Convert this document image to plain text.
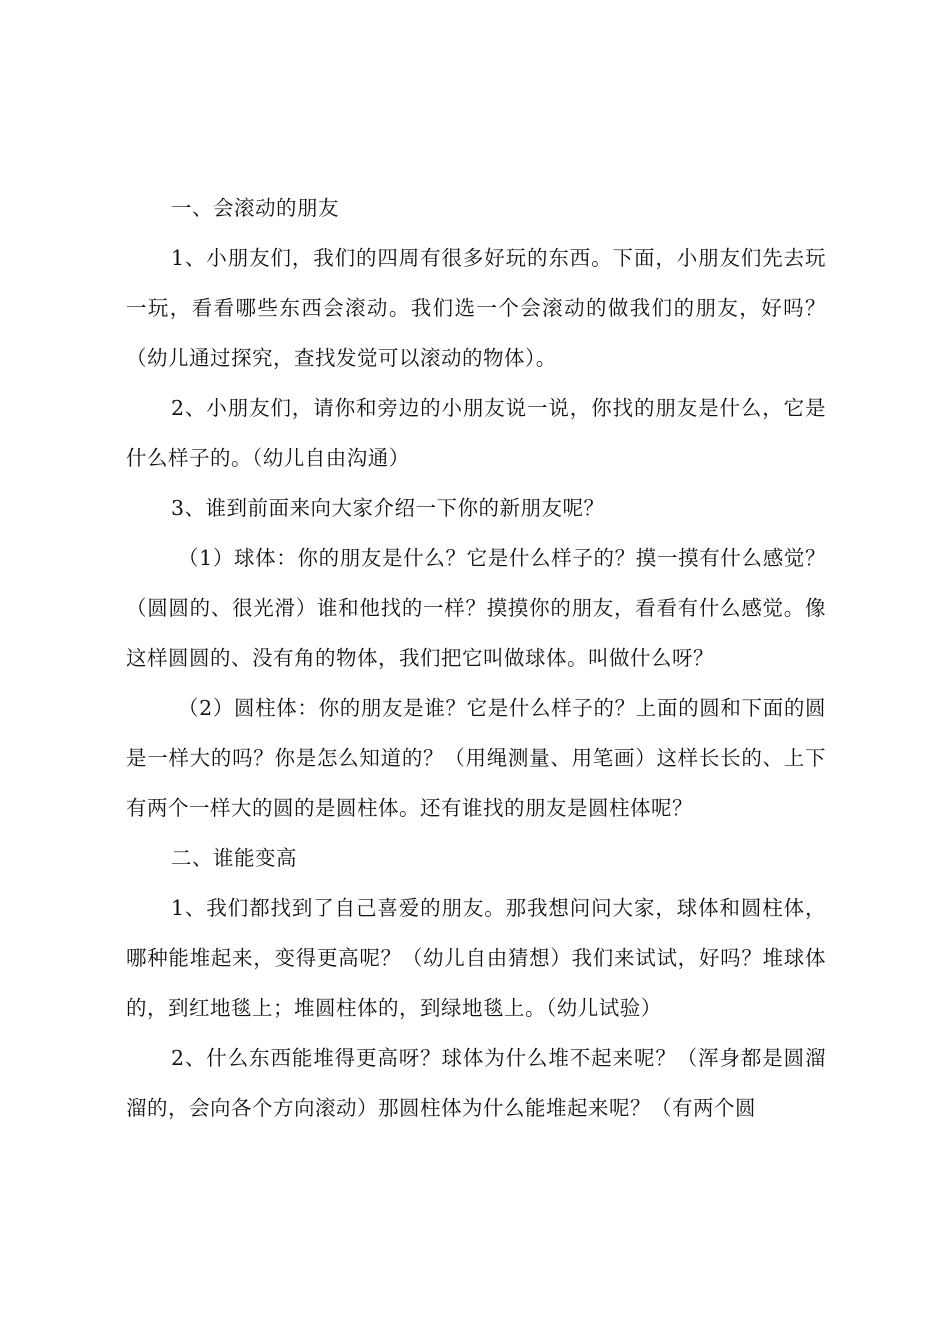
一、会滚动的朋友

1、小朋友们，我们的四周有很多好玩的东西。下面，小朋友们先去玩一玩，看看哪些东西会滚动。我们选一个会滚动的做我们的朋友，好吗？（幼儿通过探究，查找发觉可以滚动的物体）。

2、小朋友们，请你和旁边的小朋友说一说，你找的朋友是什么，它是什么样子的。（幼儿自由沟通）

3、谁到前面来向大家介绍一下你的新朋友呢？

（1）球体：你的朋友是什么？它是什么样子的？摸一摸有什么感觉？（圆圆的、很光滑）谁和他找的一样？摸摸你的朋友，看看有什么感觉。像这样圆圆的、没有角的物体，我们把它叫做球体。叫做什么呀？

（2）圆柱体：你的朋友是谁？它是什么样子的？上面的圆和下面的圆是一样大的吗？你是怎么知道的？（用绳测量、用笔画）这样长长的、上下有两个一样大的圆的是圆柱体。还有谁找的朋友是圆柱体呢？

二、谁能变高

1、我们都找到了自己喜爱的朋友。那我想问问大家，球体和圆柱体，哪种能堆起来，变得更高呢？（幼儿自由猜想）我们来试试，好吗？堆球体的，到红地毯上；堆圆柱体的，到绿地毯上。（幼儿试验）

2、什么东西能堆得更高呀？球体为什么堆不起来呢？（浑身都是圆溜溜的，会向各个方向滚动）那圆柱体为什么能堆起来呢？（有两个圆
